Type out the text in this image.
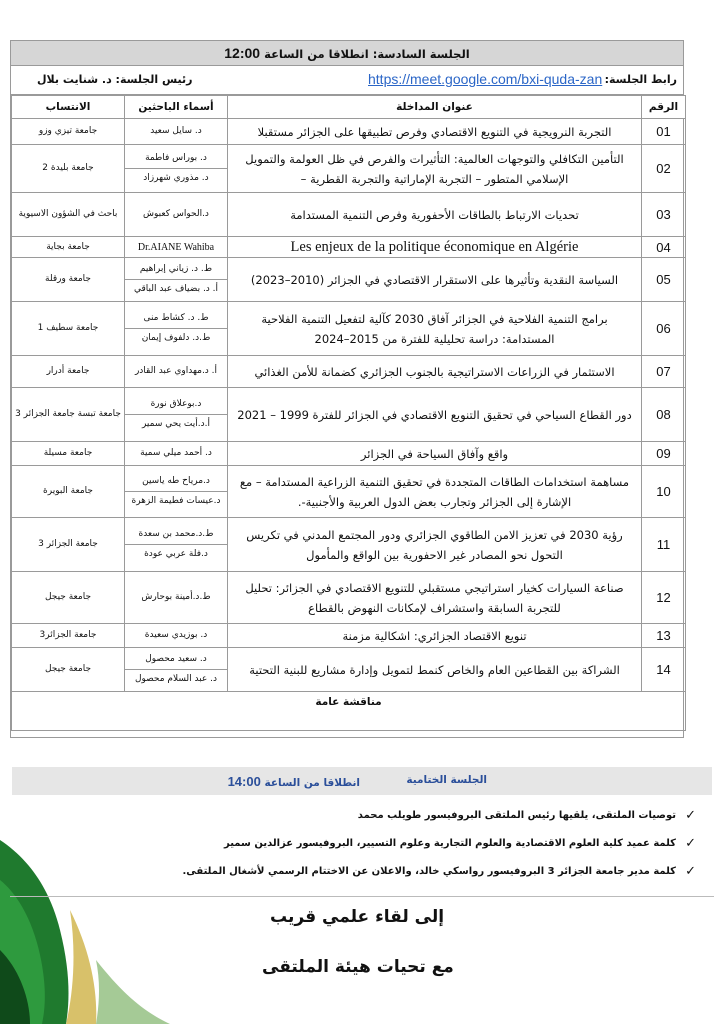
الجلسة السادسة: انطلاقا من الساعة 12:00
رابط الجلسة:
https://meet.google.com/bxi-quda-zan
رئيس الجلسة: د. شنايت بلال
الرقم	عنوان المداخلة	أسماء الباحثين	الانتساب
01	التجربة النرويجية في التنويع الاقتصادي وفرص تطبيقها على الجزائر مستقبلا	د. سايل سعيد	جامعة تيزي وزو
02	التأمين التكافلي والتوجهات العالمية: التأثيرات والفرص في ظل العولمة والتمويل الإسلامي المتطور – التجربة الإماراتية والتجربة القطرية –	د. بوراس فاطمة
د. مذوري شهرزاد	جامعة بليدة 2
03	تحديات الارتباط بالطاقات الأحفورية وفرص التنمية المستدامة	د.الحواس كعبوش	باحث في الشؤون الاسيوية
04	Les enjeux de la politique économique en Algérie	Dr.AIANE Wahiba	جامعة بجاية
05	السياسة النقدية وتأثيرها على الاستقرار الاقتصادي في الجزائر (2010–2023)	ط. د. زياني إبراهيم
أ. د. بضياف عبد الباقي	جامعة ورقلة
06	برامج التنمية الفلاحية في الجزائر آفاق 2030 كآلية لتفعيل التنمية الفلاحية المستدامة: دراسة تحليلية للفترة من 2015–2024	ط. د. كشاط منى
ط.د. دلفوف إيمان	جامعة سطيف 1
07	الاستثمار في الزراعات الاستراتيجية بالجنوب الجزائري كضمانة للأمن الغذائي	أ. د.مهداوي عبد القادر	جامعة أدرار
08	دور القطاع السياحي في تحقيق التنويع الاقتصادي في الجزائر للفترة 1999 – 2021	د.بوعلاق نورة
أ.د.أيت يحي سمير	جامعة تبسة جامعة الجزائر 3
09	واقع وآفاق السياحة في الجزائر	د. أحمد ميلي سمية	جامعة مسيلة
10	مساهمة استخدامات الطاقات المتجددة في تحقيق التنمية الزراعية المستدامة – مع الإشارة إلى الجزائر وتجارب بعض الدول العربية والأجنبية-.	د.مرياح طه ياسين
د.عيسات فطيمة الزهرة	جامعة البويرة
11	رؤية 2030 في تعزيز الامن الطاقوي الجزائري ودور المجتمع المدني في تكريس التحول نحو المصادر غير الاحفورية بين الواقع والمأمول	ط.د.محمد بن سعدة
د.فلة عربي عودة	جامعة الجزائر 3
12	صناعة السيارات كخيار استراتيجي مستقبلي للتنويع الاقتصادي في الجزائر: تحليل للتجربة السابقة واستشراف لإمكانات النهوض بالقطاع	ط.د.أمينة بوحارش	جامعة جيجل
13	تنويع الاقتصاد الجزائري: اشكالية مزمنة	د. بوزيدي سعيدة	جامعة الجزائر3
14	الشراكة بين القطاعين العام والخاص كنمط لتمويل وإدارة مشاريع للبنية التحتية	د. سعيد محصول
د. عبد السلام محصول	جامعة جيجل
مناقشة عامة			
الجلسة الختامية
انطلاقا من الساعة 14:00
✓
توصيات الملتقى، يلقيها رئيس الملتقى البروفيسور طويلب محمد
✓
كلمة عميد كلية العلوم الاقتصادية والعلوم التجارية وعلوم التسيير، البروفيسور عزالدين سمير
✓
كلمة مدير جامعة الجزائر 3 البروفيسور رواسكي خالد، والاعلان عن الاختتام الرسمي لأشغال الملتقى.
إلى لقاء علمي قريب
مع تحيات هيئة الملتقى
